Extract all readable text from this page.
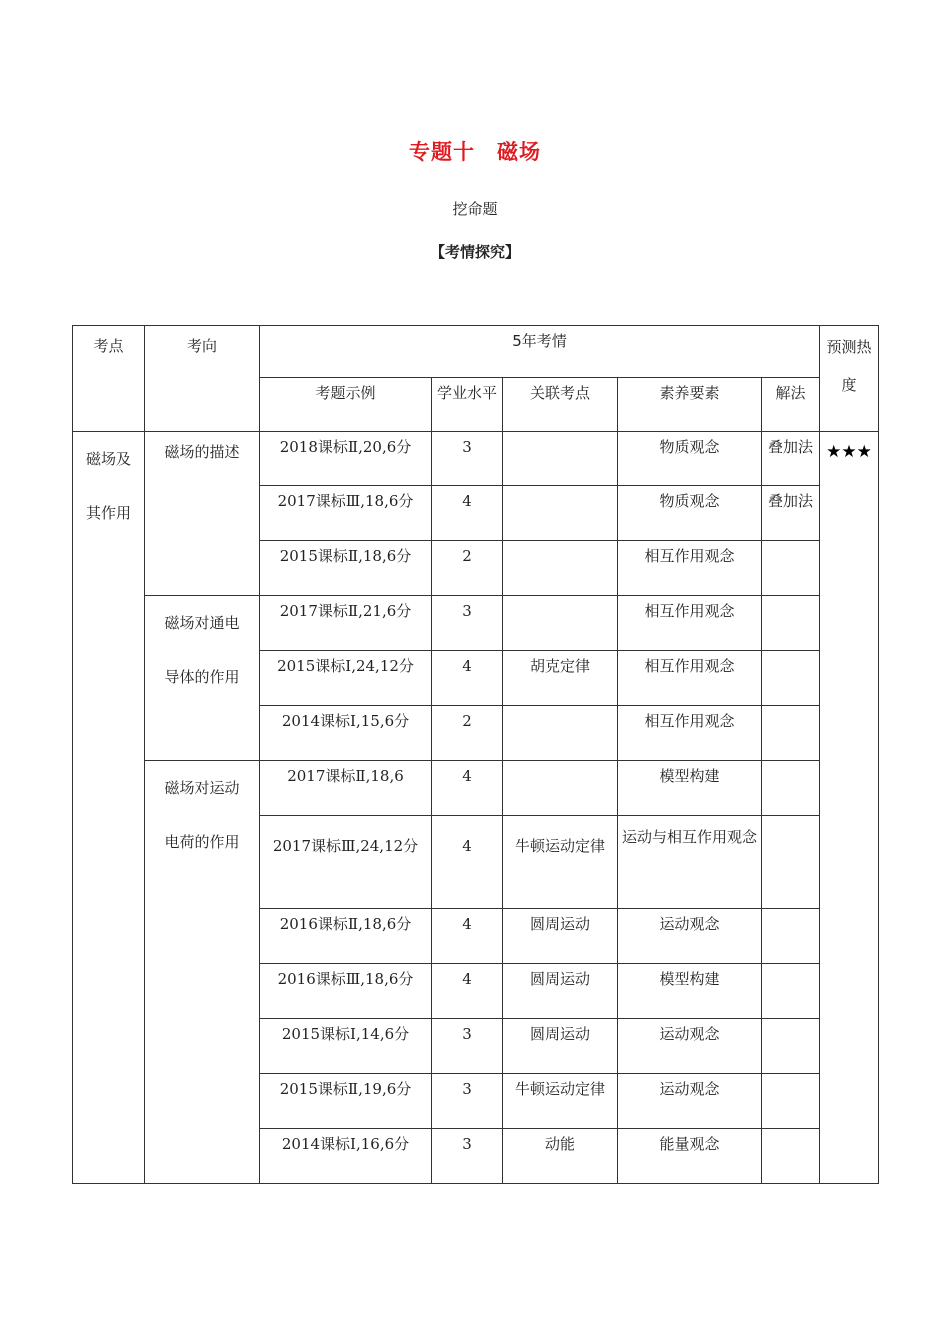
专题十　磁场
挖命题
【考情探究】
考点	考向	5年考情					预测热度
		考题示例	学业水平	关联考点	素养要素	解法	

磁场及其作用	磁场的描述	2018课标Ⅱ,20,6分	3		物质观念	叠加法	★★★
		2017课标Ⅲ,18,6分	4		物质观念	叠加法	
		2015课标Ⅱ,18,6分	2		相互作用观念		

	磁场对通电导体的作用	2017课标Ⅱ,21,6分	3		相互作用观念		
		2015课标Ⅰ,24,12分	4	胡克定律	相互作用观念		
		2014课标Ⅰ,15,6分	2		相互作用观念		

	磁场对运动电荷的作用	2017课标Ⅱ,18,6	4		模型构建		
		2017课标Ⅲ,24,12分	4	牛顿运动定律	运动与相互作用观念		
		2016课标Ⅱ,18,6分	4	圆周运动	运动观念		
		2016课标Ⅲ,18,6分	4	圆周运动	模型构建		
		2015课标Ⅰ,14,6分	3	圆周运动	运动观念		
		2015课标Ⅱ,19,6分	3	牛顿运动定律	运动观念		
		2014课标Ⅰ,16,6分	3	动能	能量观念		
